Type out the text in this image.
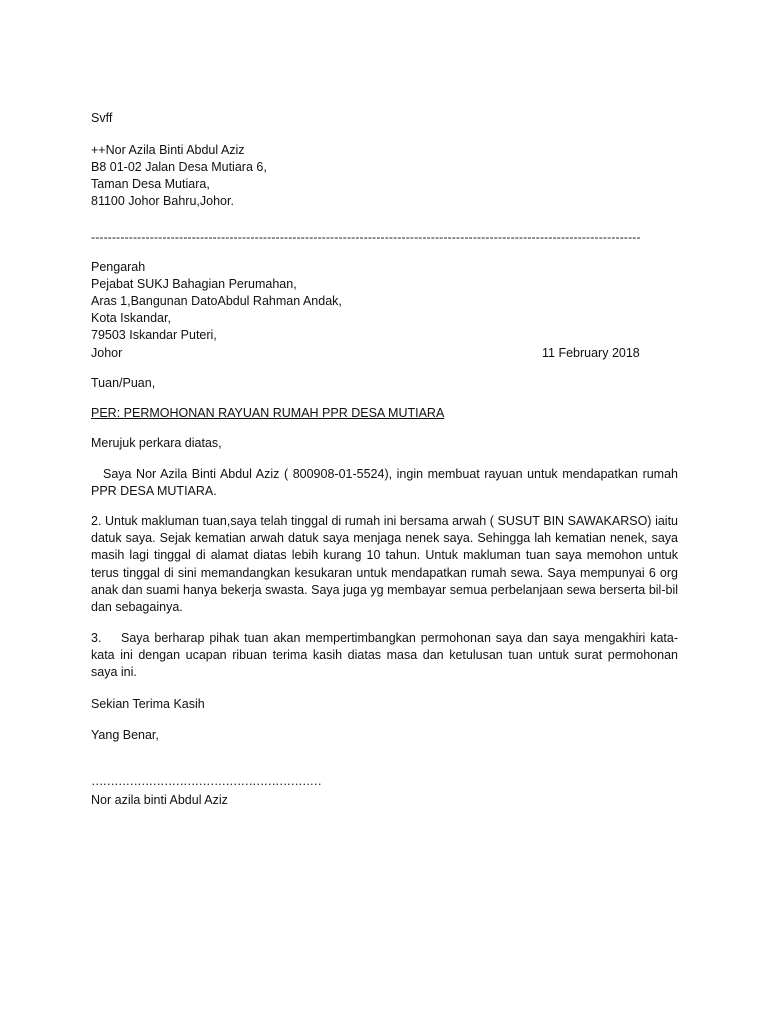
Svff
++Nor Azila Binti Abdul Aziz
B8 01-02 Jalan Desa Mutiara 6,
Taman Desa Mutiara,
81100 Johor Bahru,Johor.
-----------------------------------------------------------------------------------------------------------------------------------
Pengarah
Pejabat SUKJ Bahagian Perumahan,
Aras 1,Bangunan DatoAbdul Rahman Andak,
Kota Iskandar,
79503 Iskandar Puteri,
Johor	11 February 2018
Tuan/Puan,
PER: PERMOHONAN RAYUAN RUMAH PPR DESA MUTIARA
Merujuk perkara diatas,
Saya Nor Azila Binti Abdul Aziz ( 800908-01-5524), ingin membuat rayuan untuk mendapatkan rumah PPR DESA MUTIARA.
2. Untuk makluman tuan,saya telah tinggal di rumah ini bersama arwah ( SUSUT BIN SAWAKARSO) iaitu datuk saya. Sejak kematian arwah datuk saya menjaga nenek saya. Sehingga lah kematian nenek, saya masih lagi tinggal di alamat diatas lebih kurang 10 tahun. Untuk makluman tuan saya memohon untuk terus tinggal di sini memandangkan kesukaran untuk mendapatkan rumah sewa. Saya mempunyai 6 org anak dan suami hanya bekerja swasta. Saya juga yg membayar semua perbelanjaan sewa berserta bil-bil dan sebagainya.
3.    Saya berharap pihak tuan akan mempertimbangkan permohonan saya dan saya mengakhiri kata-kata ini dengan ucapan ribuan terima kasih diatas masa dan ketulusan tuan untuk surat permohonan saya ini.
Sekian Terima Kasih
Yang Benar,
……………………………………………………
Nor azila binti Abdul Aziz
